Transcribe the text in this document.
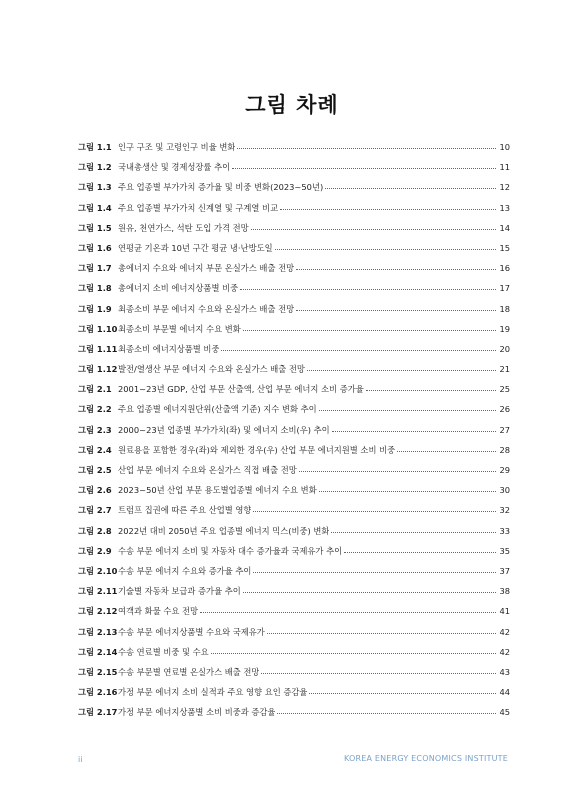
그림 차례
그림 1.1 인구 구조 및 고령인구 비율 변화	10
그림 1.2 국내총생산 및 경제성장률 추이	11
그림 1.3 주요 업종별 부가가치 증가율 및 비중 변화(2023~50년)	12
그림 1.4 주요 업종별 부가가치 신계열 및 구계열 비교	13
그림 1.5 원유, 천연가스, 석탄 도입 가격 전망	14
그림 1.6 연평균 기온과 10년 구간 평균 냉·난방도일	15
그림 1.7 총에너지 수요와 에너지 부문 온실가스 배출 전망	16
그림 1.8 총에너지 소비 에너지상품별 비중	17
그림 1.9 최종소비 부문 에너지 수요와 온실가스 배출 전망	18
그림 1.10 최종소비 부문별 에너지 수요 변화	19
그림 1.11 최종소비 에너지상품별 비중	20
그림 1.12 발전/열생산 부문 에너지 수요와 온실가스 배출 전망	21
그림 2.1 2001~23년 GDP, 산업 부문 산출액, 산업 부문 에너지 소비 증가율	25
그림 2.2 주요 업종별 에너지원단위(산출액 기준) 지수 변화 추이	26
그림 2.3 2000~23년 업종별 부가가치(좌) 및 에너지 소비(우) 추이	27
그림 2.4 원료용을 포함한 경우(좌)와 제외한 경우(우) 산업 부문 에너지원별 소비 비중	28
그림 2.5 산업 부문 에너지 수요와 온실가스 직접 배출 전망	29
그림 2.6 2023~50년 산업 부문 용도별업종별 에너지 수요 변화	30
그림 2.7 트럼프 집권에 따른 주요 산업별 영향	32
그림 2.8 2022년 대비 2050년 주요 업종별 에너지 믹스(비중) 변화	33
그림 2.9 수송 부문 에너지 소비 및 자동차 대수 증가율과 국제유가 추이	35
그림 2.10 수송 부문 에너지 수요와 증가율 추이	37
그림 2.11 기술별 자동차 보급과 증가율 추이	38
그림 2.12 여객과 화물 수요 전망	41
그림 2.13 수송 부문 에너지상품별 수요와 국제유가	42
그림 2.14 수송 연료별 비중 및 수요	42
그림 2.15 수송 부문별 연료별 온실가스 배출 전망	43
그림 2.16 가정 부문 에너지 소비 실적과 주요 영향 요인 증감율	44
그림 2.17 가정 부문 에너지상품별 소비 비중과 증감율	45
ii	KOREA ENERGY ECONOMICS INSTITUTE
